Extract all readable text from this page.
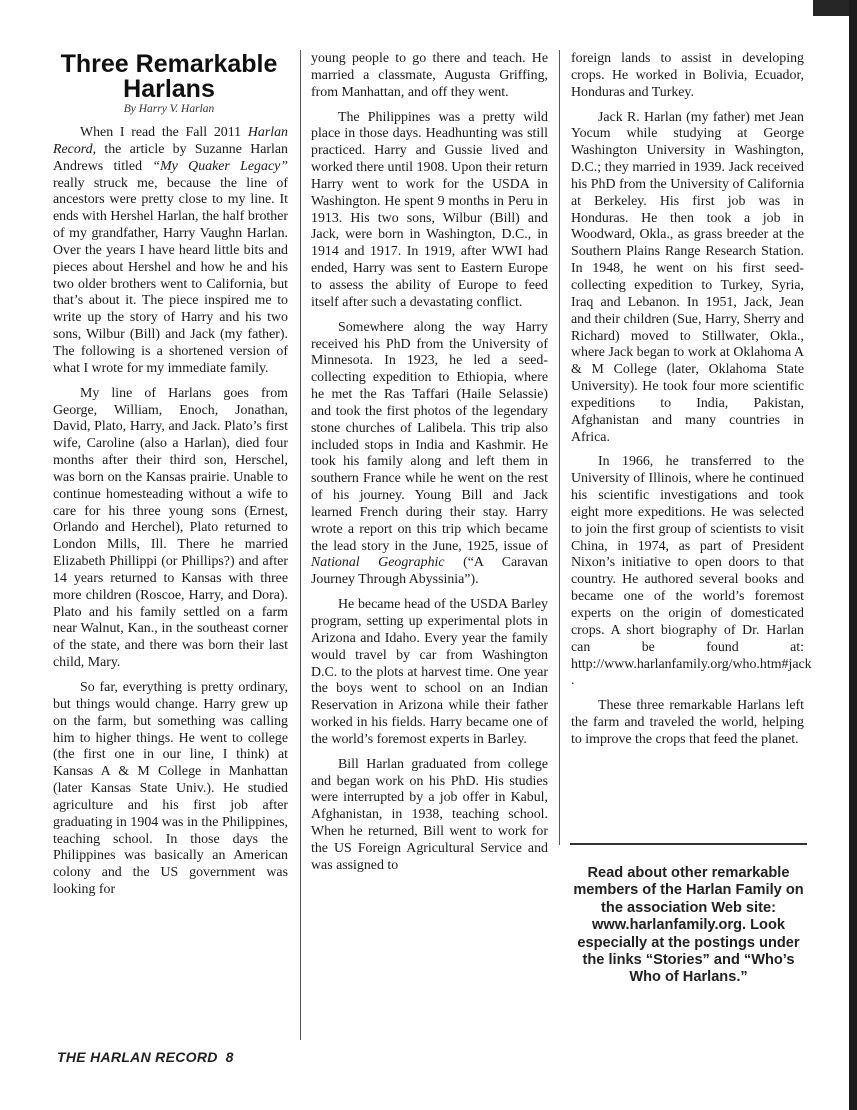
Three Remarkable Harlans
By Harry V. Harlan

When I read the Fall 2011 Harlan Record, the article by Suzanne Harlan Andrews titled “My Quaker Legacy” really struck me, because the line of ancestors were pretty close to my line. It ends with Hershel Harlan, the half brother of my grandfather, Harry Vaughn Harlan. Over the years I have heard little bits and pieces about Hershel and how he and his two older brothers went to California, but that’s about it. The piece inspired me to write up the story of Harry and his two sons, Wilbur (Bill) and Jack (my father). The following is a shortened version of what I wrote for my immediate family.

My line of Harlans goes from George, William, Enoch, Jonathan, David, Plato, Harry, and Jack. Plato’s first wife, Caroline (also a Harlan), died four months after their third son, Herschel, was born on the Kansas prairie. Unable to continue homesteading without a wife to care for his three young sons (Ernest, Orlando and Herchel), Plato returned to London Mills, Ill. There he married Elizabeth Phillippi (or Phillips?) and after 14 years returned to Kansas with three more children (Roscoe, Harry, and Dora). Plato and his family settled on a farm near Walnut, Kan., in the southeast corner of the state, and there was born their last child, Mary.

So far, everything is pretty ordinary, but things would change. Harry grew up on the farm, but something was calling him to higher things. He went to college (the first one in our line, I think) at Kansas A & M College in Manhattan (later Kansas State Univ.). He studied agriculture and his first job after graduating in 1904 was in the Philippines, teaching school. In those days the Philippines was basically an American colony and the US government was looking for

young people to go there and teach. He married a classmate, Augusta Griffing, from Manhattan, and off they went.

The Philippines was a pretty wild place in those days. Headhunting was still practiced. Harry and Gussie lived and worked there until 1908. Upon their return Harry went to work for the USDA in Washington. He spent 9 months in Peru in 1913. His two sons, Wilbur (Bill) and Jack, were born in Washington, D.C., in 1914 and 1917. In 1919, after WWI had ended, Harry was sent to Eastern Europe to assess the ability of Europe to feed itself after such a devastating conflict.

Somewhere along the way Harry received his PhD from the University of Minnesota. In 1923, he led a seed-collecting expedition to Ethiopia, where he met the Ras Taffari (Haile Selassie) and took the first photos of the legendary stone churches of Lalibela. This trip also included stops in India and Kashmir. He took his family along and left them in southern France while he went on the rest of his journey. Young Bill and Jack learned French during their stay. Harry wrote a report on this trip which became the lead story in the June, 1925, issue of National Geographic (“A Caravan Journey Through Abyssinia”).

He became head of the USDA Barley program, setting up experimental plots in Arizona and Idaho. Every year the family would travel by car from Washington D.C. to the plots at harvest time. One year the boys went to school on an Indian Reservation in Arizona while their father worked in his fields. Harry became one of the world’s foremost experts in Barley.

Bill Harlan graduated from college and began work on his PhD. His studies were interrupted by a job offer in Kabul, Afghanistan, in 1938, teaching school. When he returned, Bill went to work for the US Foreign Agricultural Service and was assigned to

foreign lands to assist in developing crops. He worked in Bolivia, Ecuador, Honduras and Turkey.

Jack R. Harlan (my father) met Jean Yocum while studying at George Washington University in Washington, D.C.; they married in 1939. Jack received his PhD from the University of California at Berkeley. His first job was in Honduras. He then took a job in Woodward, Okla., as grass breeder at the Southern Plains Range Research Station. In 1948, he went on his first seed-collecting expedition to Turkey, Syria, Iraq and Lebanon. In 1951, Jack, Jean and their children (Sue, Harry, Sherry and Richard) moved to Stillwater, Okla., where Jack began to work at Oklahoma A & M College (later, Oklahoma State University). He took four more scientific expeditions to India, Pakistan, Afghanistan and many countries in Africa.

In 1966, he transferred to the University of Illinois, where he continued his scientific investigations and took eight more expeditions. He was selected to join the first group of scientists to visit China, in 1974, as part of President Nixon’s initiative to open doors to that country. He authored several books and became one of the world’s foremost experts on the origin of domesticated crops. A short biography of Dr. Harlan can be found at: http://www.harlanfamily.org/who.htm#jack .

These three remarkable Harlans left the farm and traveled the world, helping to improve the crops that feed the planet.

Read about other remarkable members of the Harlan Family on the association Web site: www.harlanfamily.org. Look especially at the postings under the links “Stories” and “Who’s Who of Harlans.”
THE HARLAN RECORD 8
